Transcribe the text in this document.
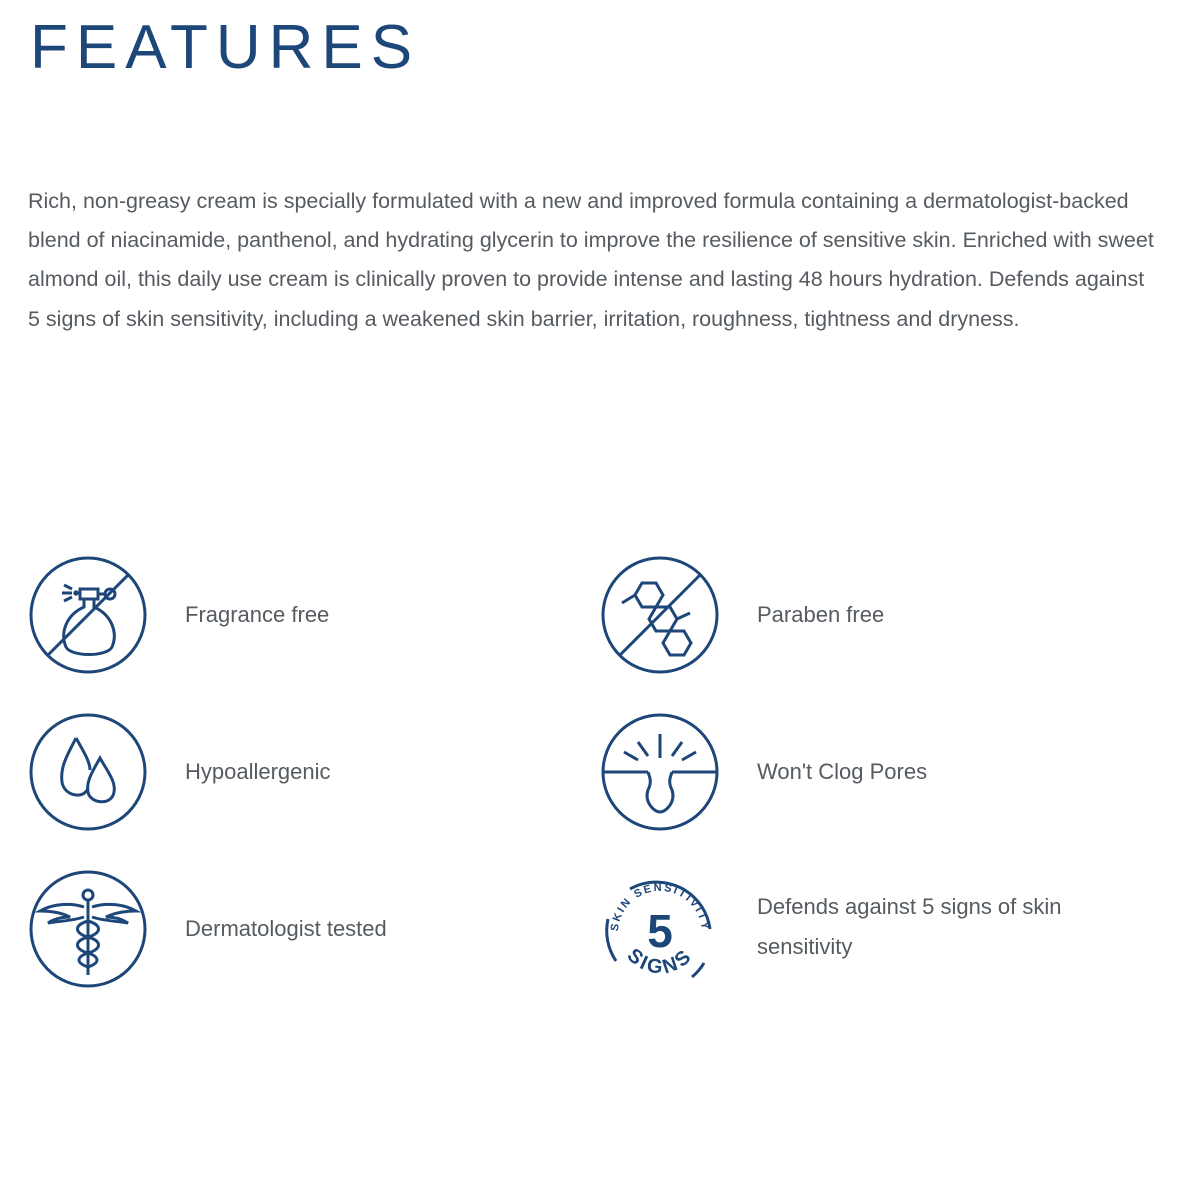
FEATURES

Rich, non-greasy cream is specially formulated with a new and improved formula containing a dermatologist-backed blend of niacinamide, panthenol, and hydrating glycerin to improve the resilience of sensitive skin. Enriched with sweet almond oil, this daily use cream is clinically proven to provide intense and lasting 48 hours hydration. Defends against 5 signs of skin sensitivity, including a weakened skin barrier, irritation, roughness, tightness and dryness.

Fragrance free	Paraben free
Hypoallergenic	Won't Clog Pores
Dermatologist tested	SKIN SENSITIVITY
5
SIGNS
Defends against 5 signs of skin sensitivity
